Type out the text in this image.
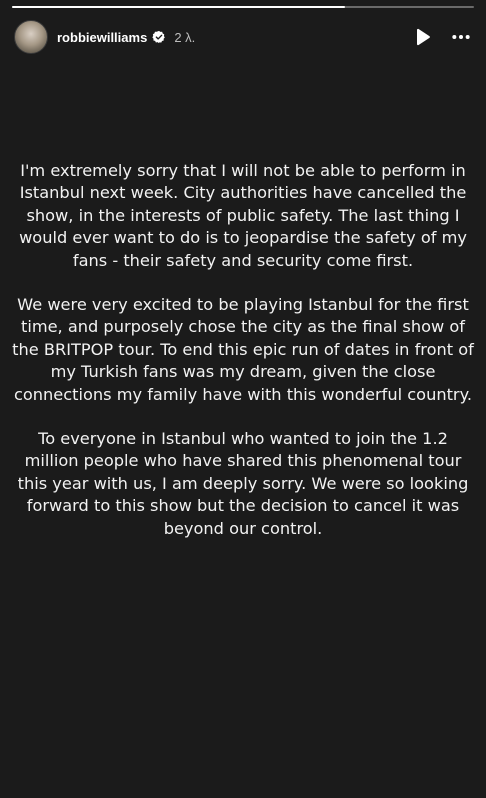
robbiewilliams 2 λ.

I'm extremely sorry that I will not be able to perform in Istanbul next week. City authorities have cancelled the show, in the interests of public safety. The last thing I would ever want to do is to jeopardise the safety of my fans - their safety and security come first.

We were very excited to be playing Istanbul for the first time, and purposely chose the city as the final show of the BRITPOP tour. To end this epic run of dates in front of my Turkish fans was my dream, given the close connections my family have with this wonderful country.

To everyone in Istanbul who wanted to join the 1.2 million people who have shared this phenomenal tour this year with us, I am deeply sorry. We were so looking forward to this show but the decision to cancel it was beyond our control.
